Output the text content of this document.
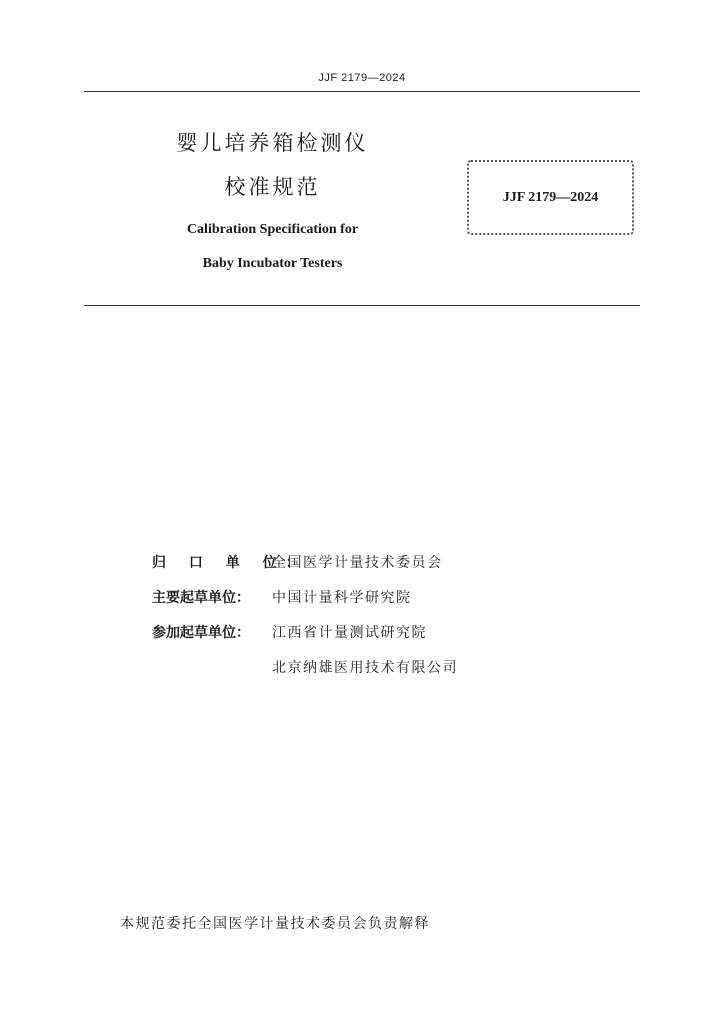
JJF 2179—2024

婴儿培养箱检测仪

校准规范

Calibration Specification for

Baby Incubator Testers

JJF 2179—2024
归 口 单 位：
全国医学计量技术委员会
主要起草单位：	中国计量科学研究院
参加起草单位：	江西省计量测试研究院
北京纳雄医用技术有限公司
本规范委托全国医学计量技术委员会负责解释
